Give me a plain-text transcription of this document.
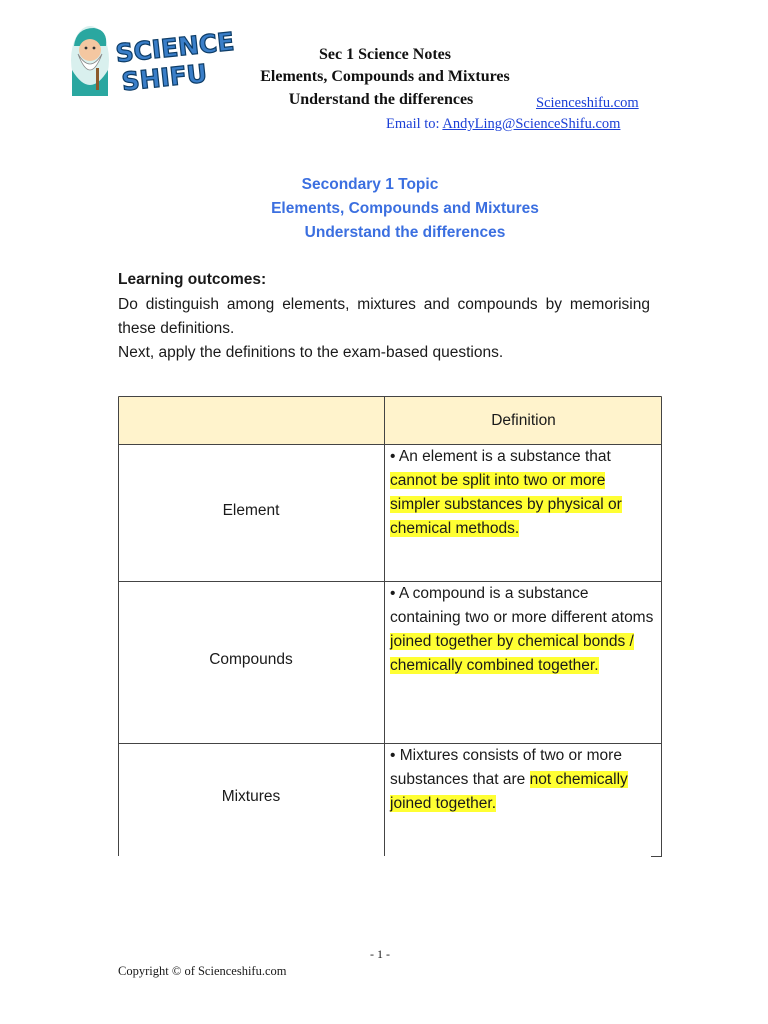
SCIENCE
SHIFU
Sec 1 Science Notes
Elements, Compounds and Mixtures
Understand the differences	Scienceshifu.com
Email to: AndyLing@ScienceShifu.com
Secondary 1 Topic
Elements, Compounds and Mixtures
Understand the differences
Learning outcomes:
Do distinguish among elements, mixtures and compounds by memorising these definitions.
Next, apply the definitions to the exam-based questions.
Definition
Element
• An element is a substance that cannot be split into two or more simpler substances by physical or chemical methods.
Compounds
• A compound is a substance containing two or more different atoms joined together by chemical bonds / chemically combined together.
Mixtures
• Mixtures consists of two or more substances that are not chemically joined together.
- 1 -
Copyright © of Scienceshifu.com
